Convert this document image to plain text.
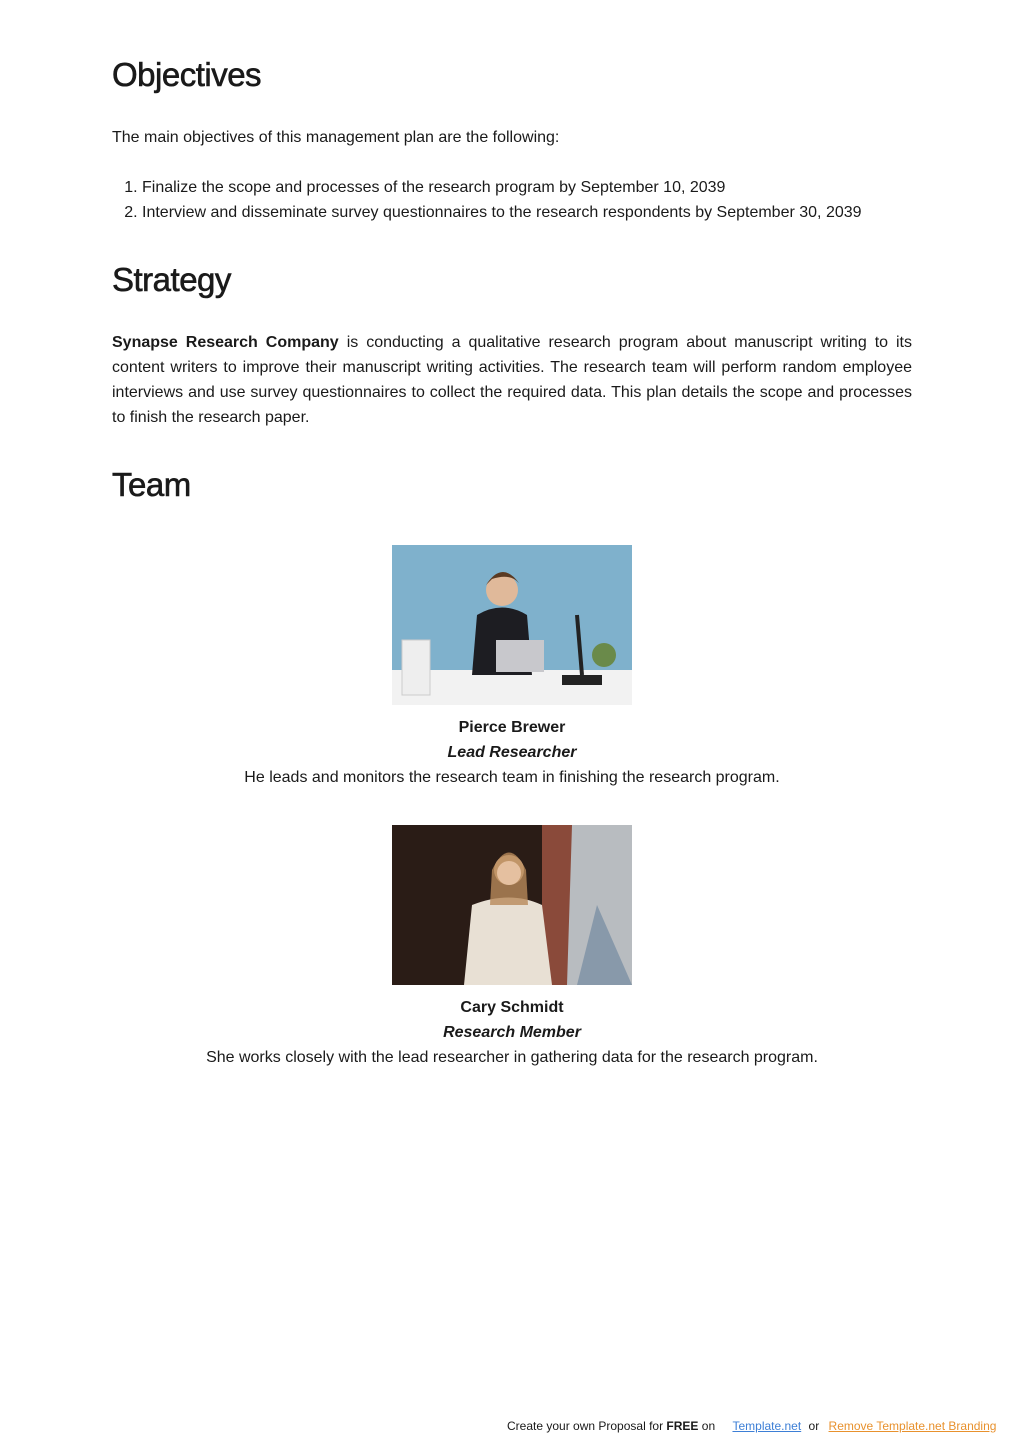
Objectives

The main objectives of this management plan are the following:

1. Finalize the scope and processes of the research program by September 10, 2039
2. Interview and disseminate survey questionnaires to the research respondents by September 30, 2039
Strategy

Synapse Research Company is conducting a qualitative research program about manuscript writing to its content writers to improve their manuscript writing activities. The research team will perform random employee interviews and use survey questionnaires to collect the required data. This plan details the scope and processes to finish the research paper.

Team

Pierce Brewer

Lead Researcher

He leads and monitors the research team in finishing the research program.

Cary Schmidt

Research Member

She works closely with the lead researcher in gathering data for the research program.

Create your own Proposal for FREE on Template.net or Remove Template.net Branding
